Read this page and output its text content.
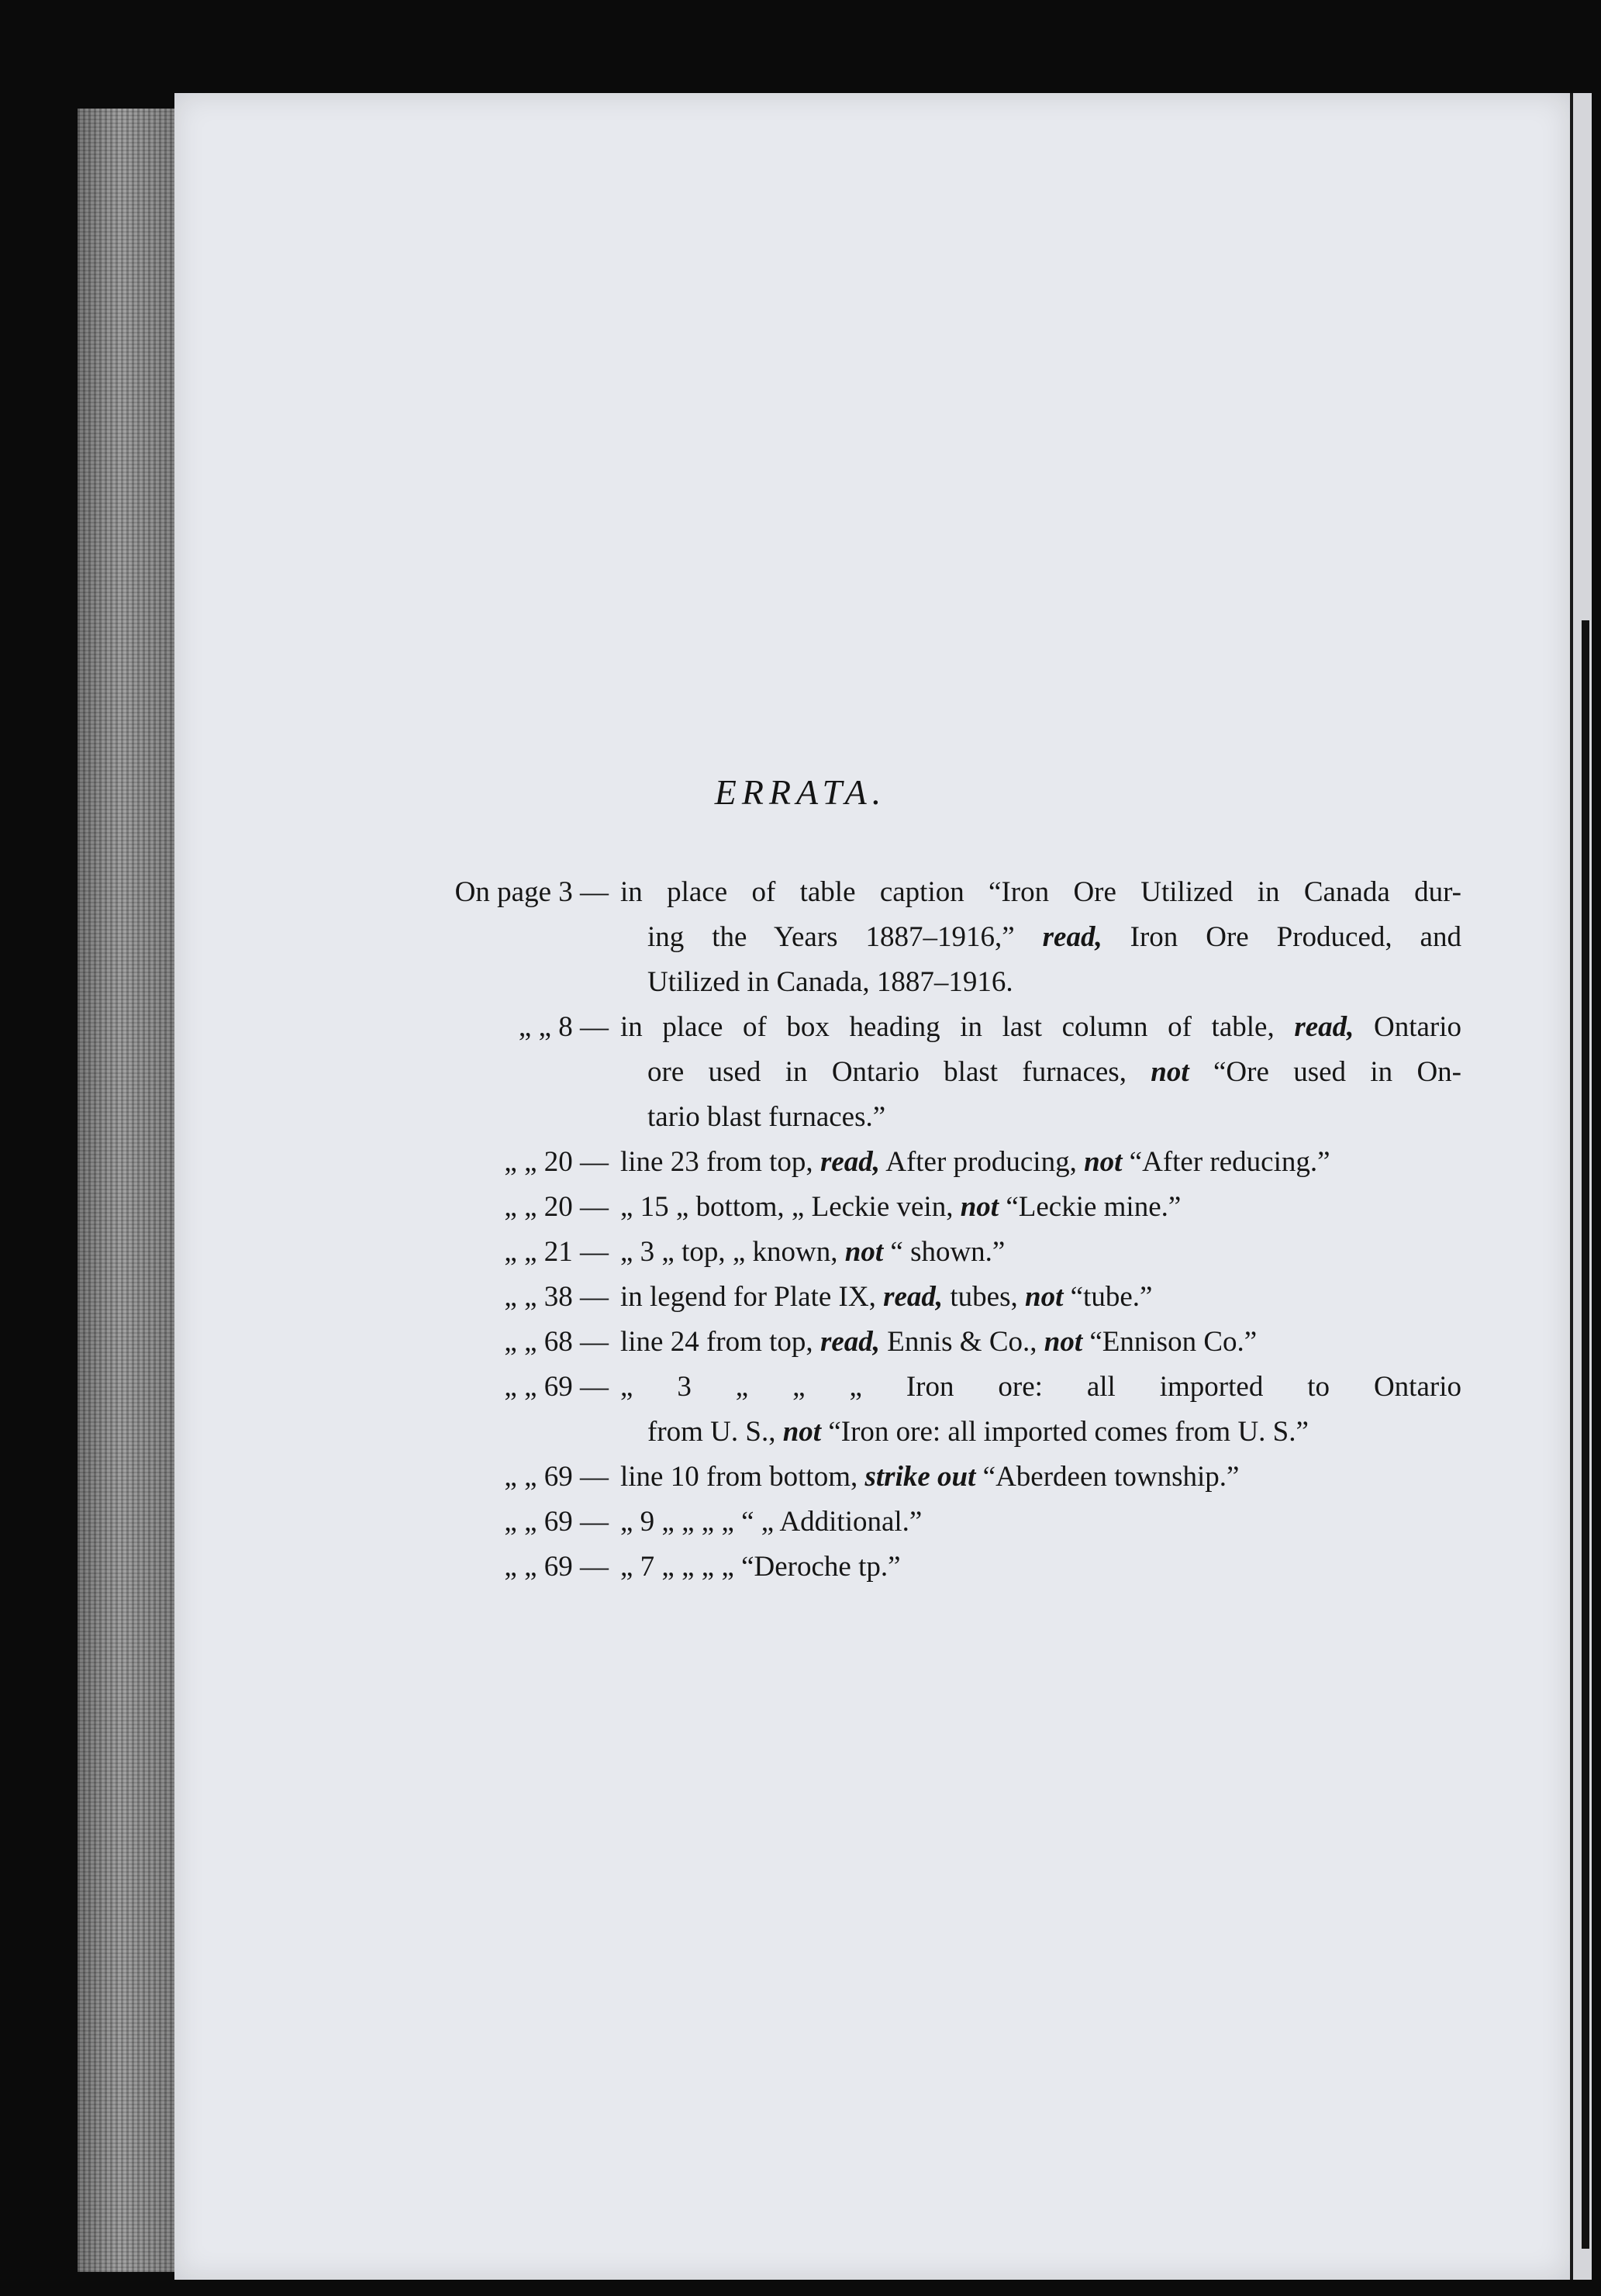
ERRATA.
On page 3 — in place of table caption “Iron Ore Utilized in Canada dur-
ing the Years 1887–1916,” read, Iron Ore Produced, and
Utilized in Canada, 1887–1916.
„ „ 8 — in place of box heading in last column of table, read, Ontario
ore used in Ontario blast furnaces, not “Ore used in On-
tario blast furnaces.”
„ „ 20 — line 23 from top, read, After producing, not “After reducing.”
„ „ 20 — „ 15 „ bottom, „ Leckie vein, not “Leckie mine.”
„ „ 21 — „ 3 „ top, „ known, not “ shown.”
„ „ 38 — in legend for Plate IX, read, tubes, not “tube.”
„ „ 68 — line 24 from top, read, Ennis & Co., not “Ennison Co.”
„ „ 69 — „ 3 „ „ „ Iron ore: all imported to Ontario
from U. S., not “Iron ore: all imported comes from U. S.”
„ „ 69 — line 10 from bottom, strike out “Aberdeen township.”
„ „ 69 — „ 9 „ „ „ „ “ „ Additional.”
„ „ 69 — „ 7 „ „ „ „ “Deroche tp.”
